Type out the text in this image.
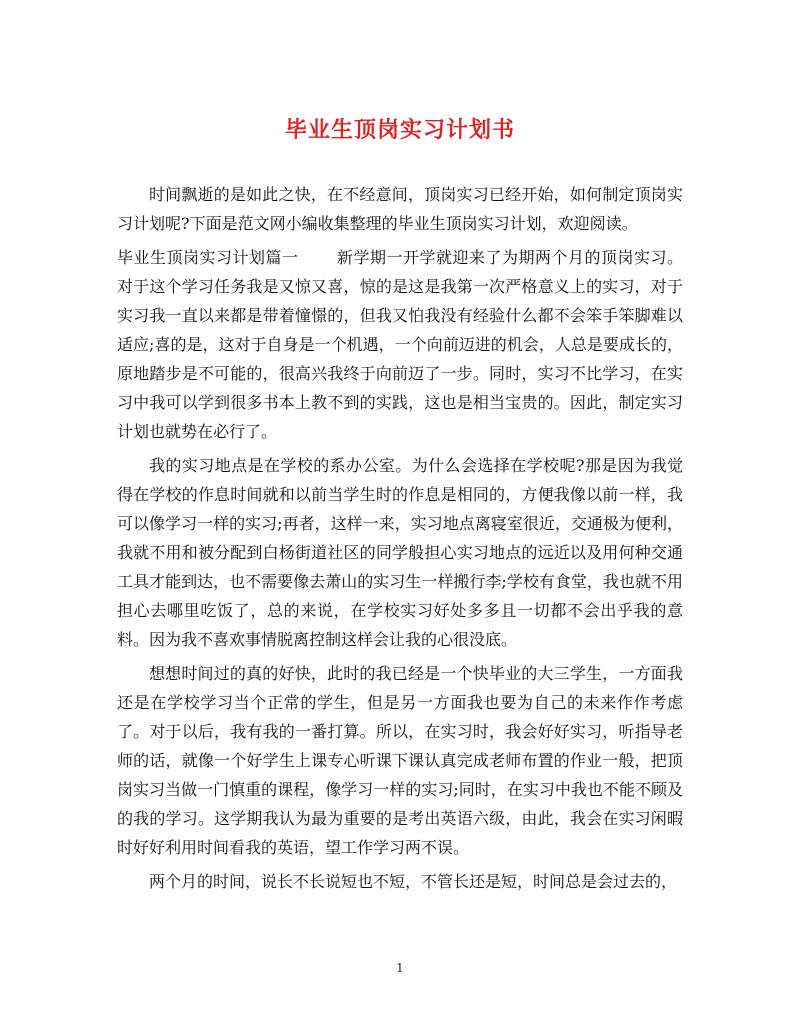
毕业生顶岗实习计划书

时间飘逝的是如此之快，在不经意间，顶岗实习已经开始，如何制定顶岗实习计划呢?下面是范文网小编收集整理的毕业生顶岗实习计划，欢迎阅读。

毕业生顶岗实习计划篇一 新学期一开学就迎来了为期两个月的顶岗实习。对于这个学习任务我是又惊又喜，惊的是这是我第一次严格意义上的实习，对于实习我一直以来都是带着憧憬的，但我又怕我没有经验什么都不会笨手笨脚难以适应;喜的是，这对于自身是一个机遇，一个向前迈进的机会，人总是要成长的，原地踏步是不可能的，很高兴我终于向前迈了一步。同时，实习不比学习，在实习中我可以学到很多书本上教不到的实践，这也是相当宝贵的。因此，制定实习计划也就势在必行了。

我的实习地点是在学校的系办公室。为什么会选择在学校呢?那是因为我觉得在学校的作息时间就和以前当学生时的作息是相同的，方便我像以前一样，我可以像学习一样的实习;再者，这样一来，实习地点离寝室很近，交通极为便利，我就不用和被分配到白杨街道社区的同学般担心实习地点的远近以及用何种交通工具才能到达，也不需要像去萧山的实习生一样搬行李;学校有食堂，我也就不用担心去哪里吃饭了，总的来说，在学校实习好处多多且一切都不会出乎我的意料。因为我不喜欢事情脱离控制这样会让我的心很没底。

想想时间过的真的好快，此时的我已经是一个快毕业的大三学生，一方面我还是在学校学习当个正常的学生，但是另一方面我也要为自己的未来作作考虑了。对于以后，我有我的一番打算。所以，在实习时，我会好好实习，听指导老师的话，就像一个好学生上课专心听课下课认真完成老师布置的作业一般，把顶岗实习当做一门慎重的课程，像学习一样的实习;同时，在实习中我也不能不顾及的我的学习。这学期我认为最为重要的是考出英语六级，由此，我会在实习闲暇时好好利用时间看我的英语，望工作学习两不误。

两个月的时间，说长不长说短也不短，不管长还是短，时间总是会过去的，

1
